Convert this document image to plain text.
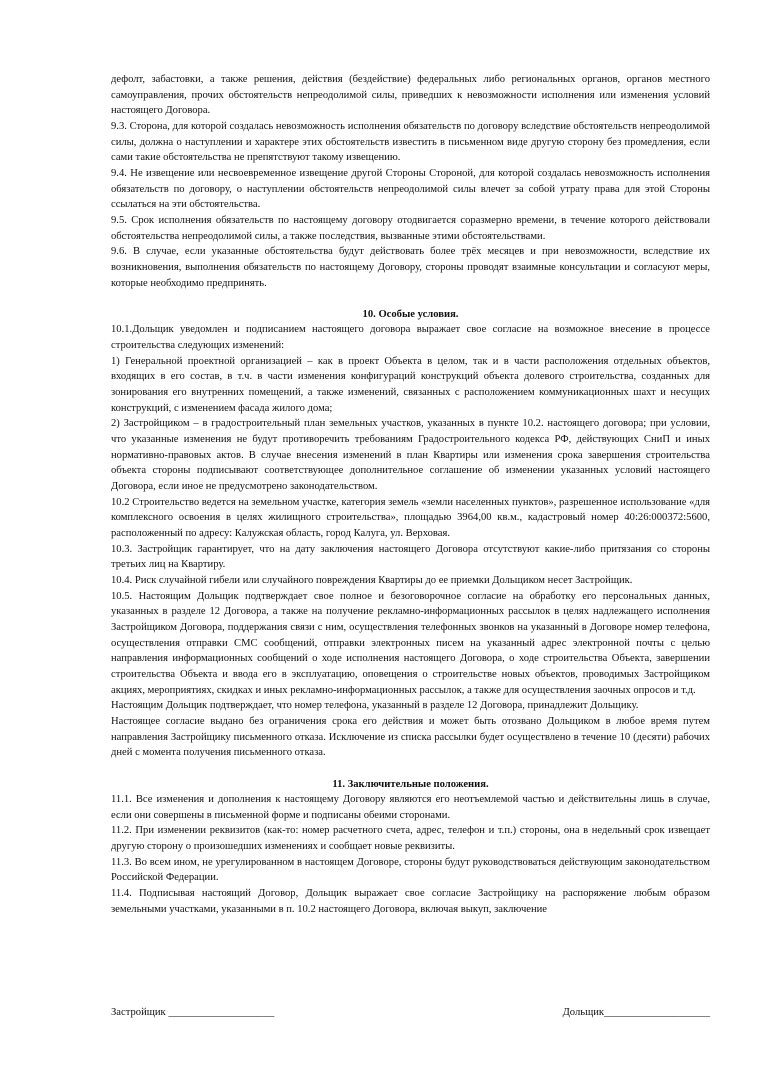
дефолт, забастовки, а также решения, действия (бездействие) федеральных либо региональных органов, органов местного самоуправления, прочих обстоятельств непреодолимой силы, приведших к невозможности исполнения или изменения условий настоящего Договора.

9.3. Сторона, для которой создалась невозможность исполнения обязательств по договору вследствие обстоятельств непреодолимой силы, должна о наступлении и характере этих обстоятельств известить в письменном виде другую сторону без промедления, если сами такие обстоятельства не препятствуют такому извещению.

9.4. Не извещение или несвоевременное извещение другой Стороны Стороной, для которой создалась невозможность исполнения обязательств по договору, о наступлении обстоятельств непреодолимой силы влечет за собой утрату права для этой Стороны ссылаться на эти обстоятельства.

9.5. Срок исполнения обязательств по настоящему договору отодвигается соразмерно времени, в течение которого действовали обстоятельства непреодолимой силы, а также последствия, вызванные этими обстоятельствами.

9.6. В случае, если указанные обстоятельства будут действовать более трёх месяцев и при невозможности, вследствие их возникновения, выполнения обязательств по настоящему Договору, стороны проводят взаимные консультации и согласуют меры, которые необходимо предпринять.

10. Особые условия.

10.1.Дольщик уведомлен и подписанием настоящего договора выражает свое согласие на возможное внесение в процессе строительства следующих изменений:

1) Генеральной проектной организацией – как в проект Объекта в целом, так и в части расположения отдельных объектов, входящих в его состав, в т.ч. в части изменения конфигураций конструкций объекта долевого строительства, созданных для зонирования его внутренних помещений, а также изменений, связанных с расположением коммуникационных шахт и несущих конструкций, с изменением фасада жилого дома;

2) Застройщиком – в градостроительный план земельных участков, указанных в пункте 10.2. настоящего договора; при условии, что указанные изменения не будут противоречить требованиям Градостроительного кодекса РФ, действующих СниП и иных нормативно-правовых актов. В случае внесения изменений в план Квартиры или изменения срока завершения строительства объекта стороны подписывают соответствующее дополнительное соглашение об изменении указанных условий настоящего Договора, если иное не предусмотрено законодательством.

10.2 Строительство ведется на земельном участке, категория земель «земли населенных пунктов», разрешенное использование «для комплексного освоения в целях жилищного строительства», площадью 3964,00 кв.м., кадастровый номер 40:26:000372:5600, расположенный по адресу: Калужская область, город Калуга, ул. Верховая.

10.3. Застройщик гарантирует, что на дату заключения настоящего Договора отсутствуют какие-либо притязания со стороны третьих лиц на Квартиру.

10.4. Риск случайной гибели или случайного повреждения Квартиры до ее приемки Дольщиком несет Застройщик.

10.5. Настоящим Дольщик подтверждает свое полное и безоговорочное согласие на обработку его персональных данных, указанных в разделе 12 Договора, а также на получение рекламно-информационных рассылок в целях надлежащего исполнения Застройщиком Договора, поддержания связи с ним, осуществления телефонных звонков на указанный в Договоре номер телефона, осуществления отправки СМС сообщений, отправки электронных писем на указанный адрес электронной почты с целью направления информационных сообщений о ходе исполнения настоящего Договора, о ходе строительства Объекта, завершении строительства Объекта и ввода его в эксплуатацию, оповещения о строительстве новых объектов, проводимых Застройщиком акциях, мероприятиях, скидках и иных рекламно-информационных рассылок, а также для осуществления заочных опросов и т.д.

Настоящим Дольщик подтверждает, что номер телефона, указанный в разделе 12 Договора, принадлежит Дольщику.

Настоящее согласие выдано без ограничения срока его действия и может быть отозвано Дольщиком в любое время путем направления Застройщику письменного отказа. Исключение из списка рассылки будет осуществлено в течение 10 (десяти) рабочих дней с момента получения письменного отказа.

11. Заключительные положения.

11.1. Все изменения и дополнения к настоящему Договору являются его неотъемлемой частью и действительны лишь в случае, если они совершены в письменной форме и подписаны обеими сторонами.

11.2. При изменении реквизитов (как-то: номер расчетного счета, адрес, телефон и т.п.) стороны, она в недельный срок извещает другую сторону о произошедших изменениях и сообщает новые реквизиты.

11.3. Во всем ином, не урегулированном в настоящем Договоре, стороны будут руководствоваться действующим законодательством Российской Федерации.

11.4. Подписывая настоящий Договор, Дольщик выражает свое согласие Застройщику на распоряжение любым образом земельными участками, указанными в п. 10.2 настоящего Договора, включая выкуп, заключение

Застройщик ____________________	Дольщик____________________
